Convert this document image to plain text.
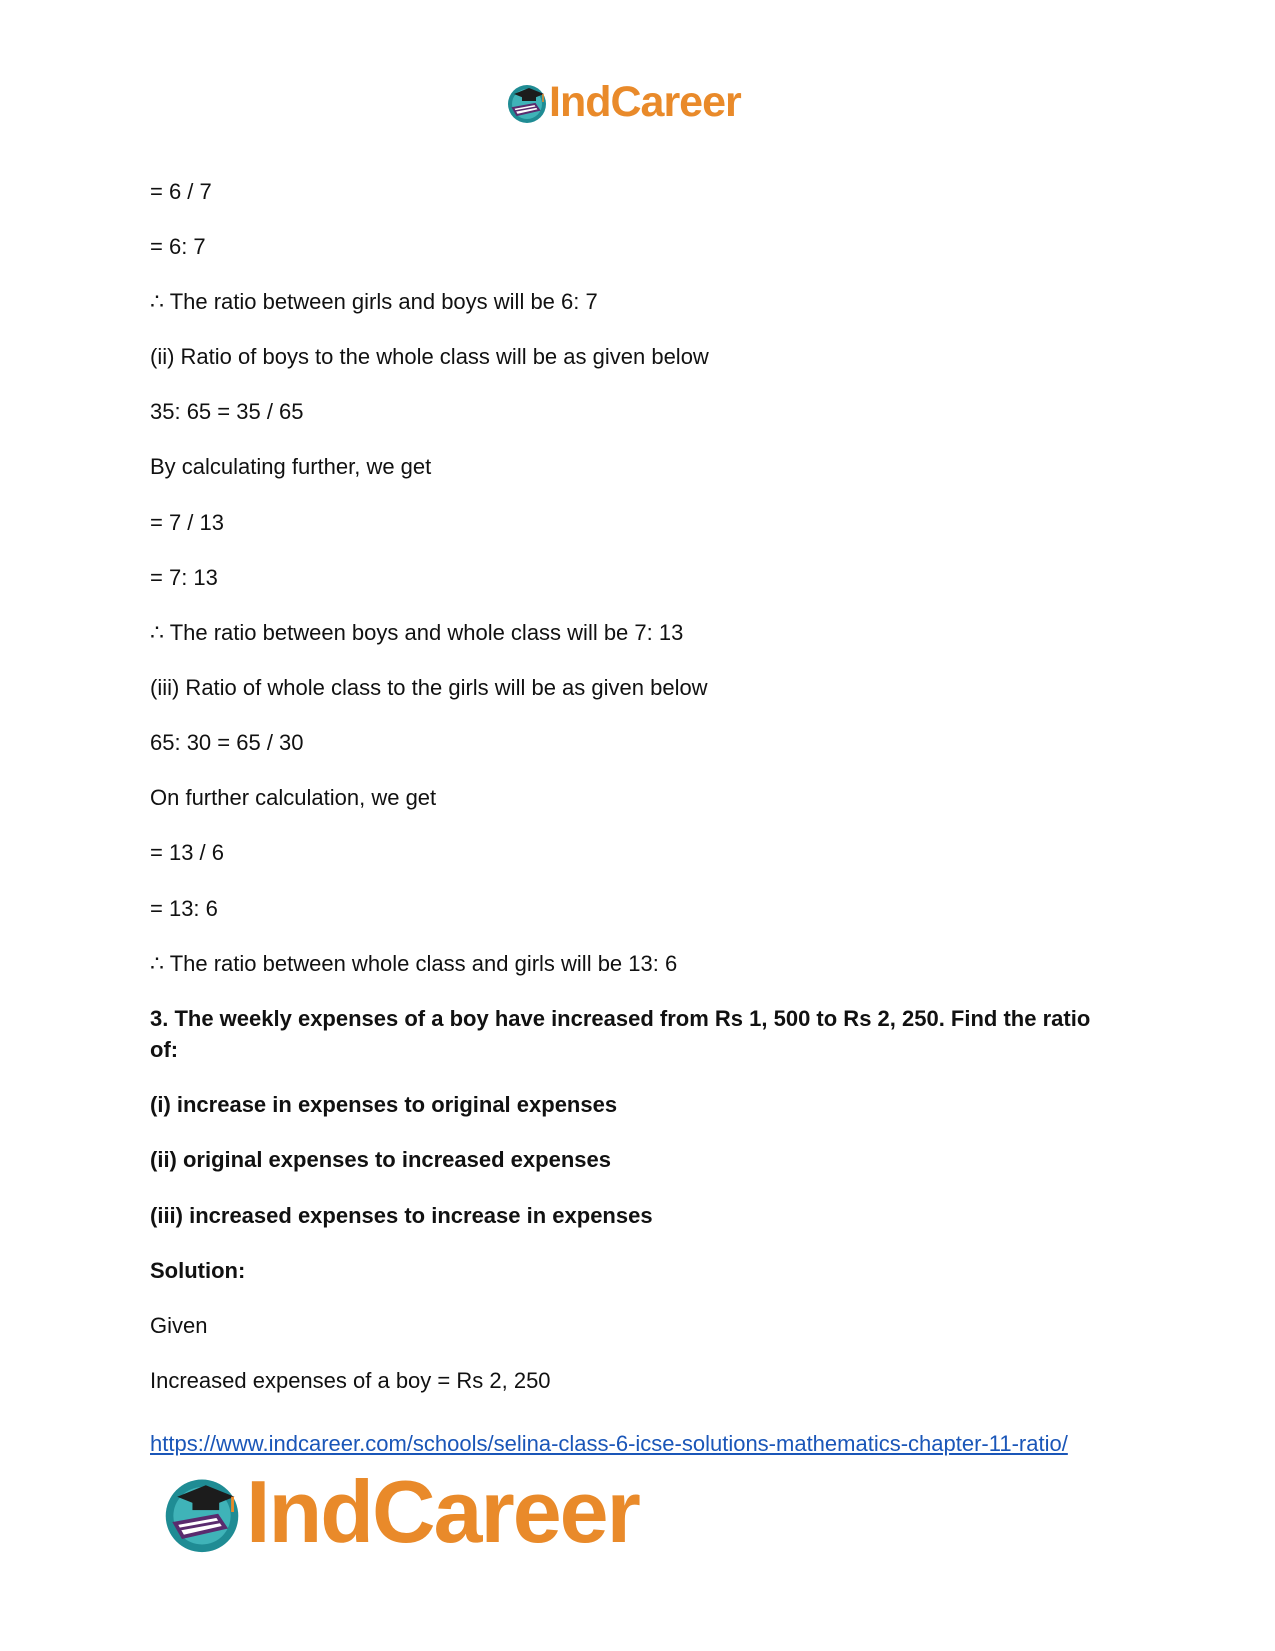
IndCareer

= 6 / 7

= 6: 7

∴ The ratio between girls and boys will be 6: 7

(ii) Ratio of boys to the whole class will be as given below

35: 65 = 35 / 65

By calculating further, we get

= 7 / 13

= 7: 13

∴ The ratio between boys and whole class will be 7: 13

(iii) Ratio of whole class to the girls will be as given below

65: 30 = 65 / 30

On further calculation, we get

= 13 / 6

= 13: 6

∴ The ratio between whole class and girls will be 13: 6

3. The weekly expenses of a boy have increased from Rs 1, 500 to Rs 2, 250. Find the ratio of:

(i) increase in expenses to original expenses

(ii) original expenses to increased expenses

(iii) increased expenses to increase in expenses

Solution:

Given

Increased expenses of a boy = Rs 2, 250

https://www.indcareer.com/schools/selina-class-6-icse-solutions-mathematics-chapter-11-ratio/
IndCareer
